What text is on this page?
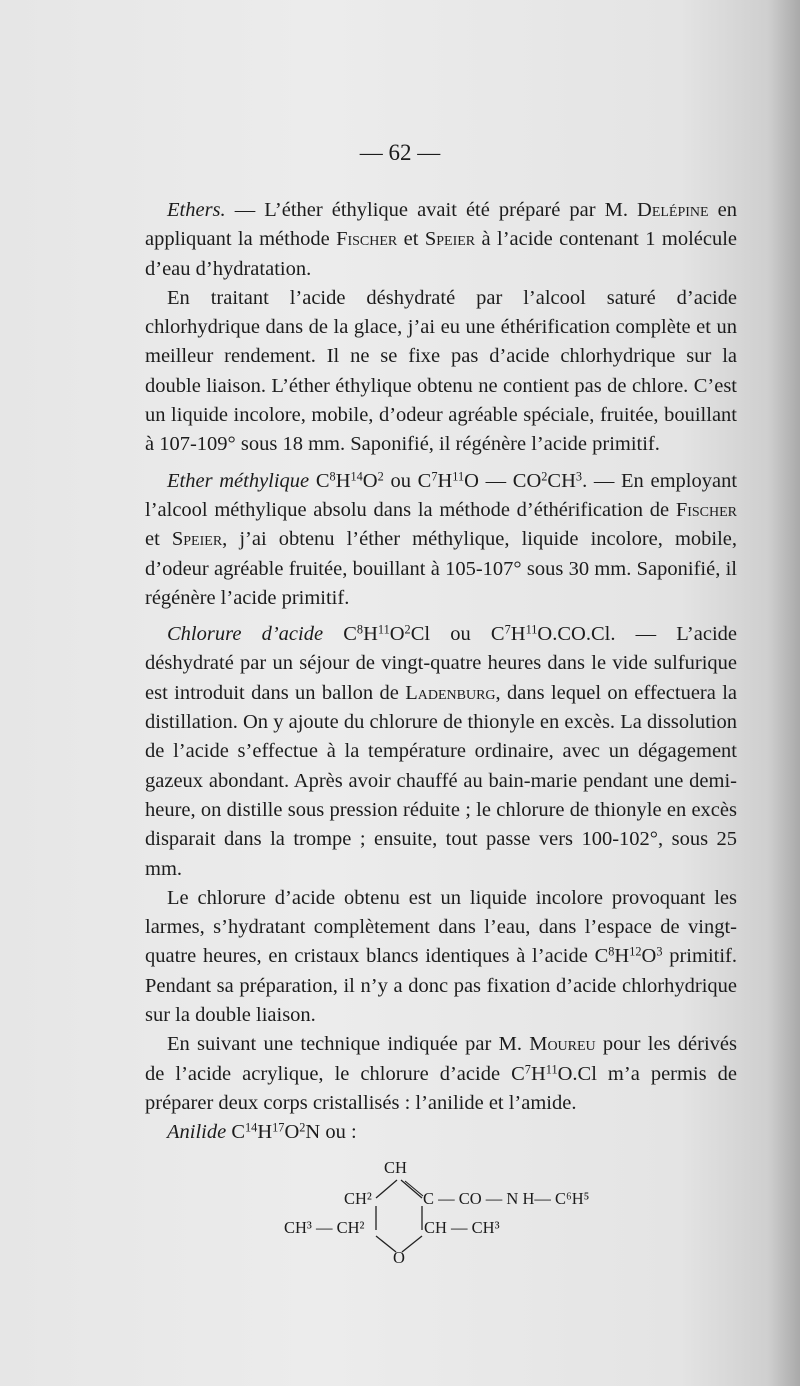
— 62 —

Ethers. — L’éther éthylique avait été préparé par M. Delépine en appliquant la méthode Fischer et Speier à l’acide contenant 1 molécule d’eau d’hydratation.

En traitant l’acide déshydraté par l’alcool saturé d’acide chlorhydrique dans de la glace, j’ai eu une éthérification complète et un meilleur rendement. Il ne se fixe pas d’acide chlorhydrique sur la double liaison. L’éther éthylique obtenu ne contient pas de chlore. C’est un liquide incolore, mobile, d’odeur agréable spéciale, fruitée, bouillant à 107-109° sous 18 mm. Saponifié, il régénère l’acide primitif.

Ether méthylique $C^8H^{14}O^2$ ou $C^7H^{11}O$ — $CO^2CH^3$. — En employant l’alcool méthylique absolu dans la méthode d’éthérification de Fischer et Speier, j’ai obtenu l’éther méthylique, liquide incolore, mobile, d’odeur agréable fruitée, bouillant à 105-107° sous 30 mm. Saponifié, il régénère l’acide primitif.

Chlorure d’acide $C^8H^{11}O^2Cl$ ou $C^7H^{11}O.CO.Cl$. — L’acide déshydraté par un séjour de vingt-quatre heures dans le vide sulfurique est introduit dans un ballon de Ladenburg, dans lequel on effectuera la distillation. On y ajoute du chlorure de thionyle en excès. La dissolution de l’acide s’effectue à la température ordinaire, avec un dégagement gazeux abondant. Après avoir chauffé au bain-marie pendant une demi-heure, on distille sous pression réduite ; le chlorure de thionyle en excès disparait dans la trompe ; ensuite, tout passe vers 100-102°, sous 25 mm.

Le chlorure d’acide obtenu est un liquide incolore provoquant les larmes, s’hydratant complètement dans l’eau, dans l’espace de vingt-quatre heures, en cristaux blancs identiques à l’acide $C^8H^{12}O^3$ primitif. Pendant sa préparation, il n’y a donc pas fixation d’acide chlorhydrique sur la double liaison.

En suivant une technique indiquée par M. Moureu pour les dérivés de l’acide acrylique, le chlorure d’acide $C^7H^{11}O.Cl$ m’a permis de préparer deux corps cristallisés : l’anilide et l’amide.

Anilide $C^{14}H^{17}O^2N$ ou :

CH
CH²	C — CO — N H— C⁶H⁵
CH³ — CH²	CH — CH³
O
